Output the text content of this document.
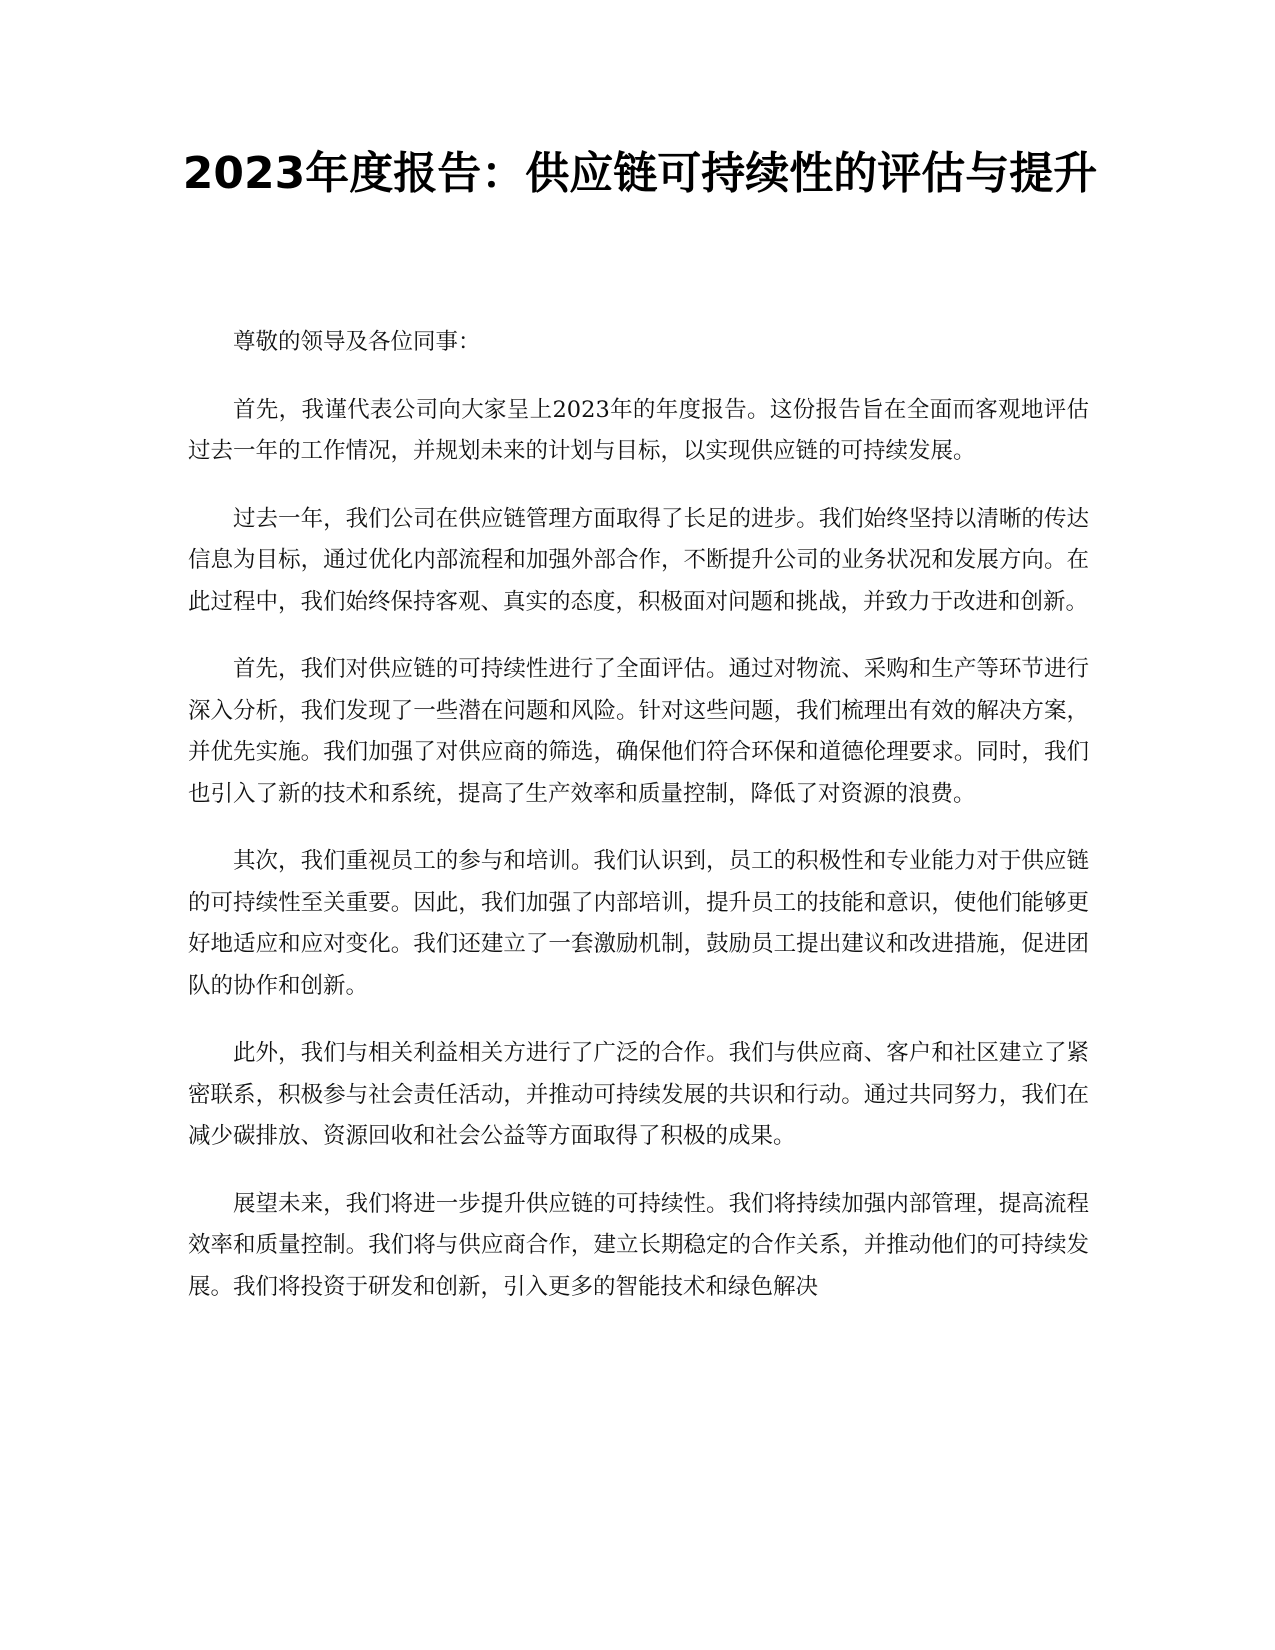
2023年度报告：供应链可持续性的评估与提升

尊敬的领导及各位同事：

首先，我谨代表公司向大家呈上2023年的年度报告。这份报告旨在全面而客观地评估过去一年的工作情况，并规划未来的计划与目标，以实现供应链的可持续发展。

过去一年，我们公司在供应链管理方面取得了长足的进步。我们始终坚持以清晰的传达信息为目标，通过优化内部流程和加强外部合作，不断提升公司的业务状况和发展方向。在此过程中，我们始终保持客观、真实的态度，积极面对问题和挑战，并致力于改进和创新。

首先，我们对供应链的可持续性进行了全面评估。通过对物流、采购和生产等环节进行深入分析，我们发现了一些潜在问题和风险。针对这些问题，我们梳理出有效的解决方案，并优先实施。我们加强了对供应商的筛选，确保他们符合环保和道德伦理要求。同时，我们也引入了新的技术和系统，提高了生产效率和质量控制，降低了对资源的浪费。

其次，我们重视员工的参与和培训。我们认识到，员工的积极性和专业能力对于供应链的可持续性至关重要。因此，我们加强了内部培训，提升员工的技能和意识，使他们能够更好地适应和应对变化。我们还建立了一套激励机制，鼓励员工提出建议和改进措施，促进团队的协作和创新。

此外，我们与相关利益相关方进行了广泛的合作。我们与供应商、客户和社区建立了紧密联系，积极参与社会责任活动，并推动可持续发展的共识和行动。通过共同努力，我们在减少碳排放、资源回收和社会公益等方面取得了积极的成果。

展望未来，我们将进一步提升供应链的可持续性。我们将持续加强内部管理，提高流程效率和质量控制。我们将与供应商合作，建立长期稳定的合作关系，并推动他们的可持续发展。我们将投资于研发和创新，引入更多的智能技术和绿色解决
